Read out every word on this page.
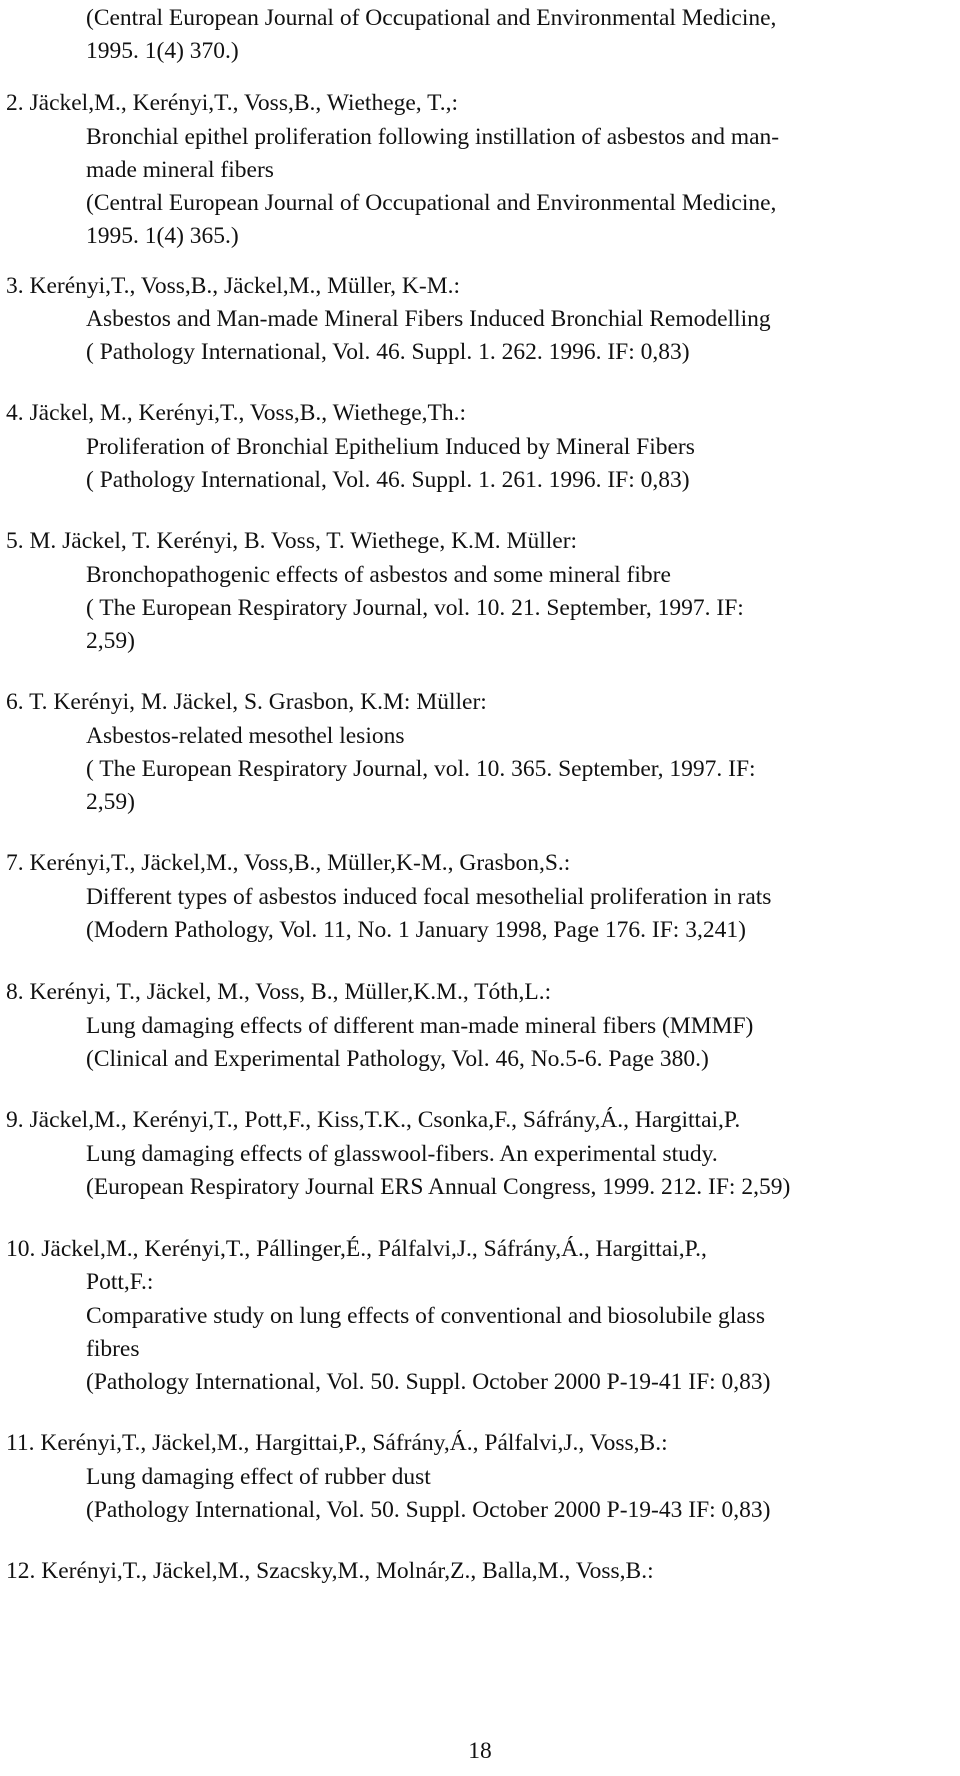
(Central European Journal of Occupational and Environmental Medicine,
1995. 1(4) 370.)
2. Jäckel,M., Kerényi,T., Voss,B., Wiethege, T.,:
Bronchial epithel proliferation following instillation of asbestos and man-
made mineral fibers
(Central European Journal of Occupational and Environmental Medicine,
1995. 1(4) 365.)
3. Kerényi,T., Voss,B., Jäckel,M., Müller, K-M.:
Asbestos and Man-made Mineral Fibers Induced Bronchial Remodelling
( Pathology International, Vol. 46. Suppl. 1. 262. 1996. IF: 0,83)
4. Jäckel, M., Kerényi,T., Voss,B., Wiethege,Th.:
Proliferation of Bronchial Epithelium Induced by Mineral Fibers
( Pathology International, Vol. 46. Suppl. 1. 261. 1996. IF: 0,83)
5. M. Jäckel, T. Kerényi, B. Voss, T. Wiethege, K.M. Müller:
Bronchopathogenic effects of asbestos and some mineral fibre
( The European Respiratory Journal, vol. 10. 21. September, 1997. IF:
2,59)
6. T. Kerényi, M. Jäckel, S. Grasbon, K.M: Müller:
Asbestos-related mesothel lesions
( The European Respiratory Journal, vol. 10. 365. September, 1997. IF:
2,59)
7. Kerényi,T., Jäckel,M., Voss,B., Müller,K-M., Grasbon,S.:
Different types of asbestos induced focal mesothelial proliferation in rats
(Modern Pathology, Vol. 11, No. 1 January 1998, Page 176. IF: 3,241)
8. Kerényi, T., Jäckel, M., Voss, B., Müller,K.M., Tóth,L.:
Lung damaging effects of different man-made mineral fibers (MMMF)
(Clinical and Experimental Pathology, Vol. 46, No.5-6. Page 380.)
9. Jäckel,M., Kerényi,T., Pott,F., Kiss,T.K., Csonka,F., Sáfrány,Á., Hargittai,P.
Lung damaging effects of glasswool-fibers. An experimental study.
(European Respiratory Journal ERS Annual Congress, 1999. 212. IF: 2,59)
10. Jäckel,M., Kerényi,T., Pállinger,É., Pálfalvi,J., Sáfrány,Á., Hargittai,P.,
Pott,F.:
Comparative study on lung effects of conventional and biosolubile glass
fibres
(Pathology International, Vol. 50. Suppl. October 2000 P-19-41 IF: 0,83)
11. Kerényi,T., Jäckel,M., Hargittai,P., Sáfrány,Á., Pálfalvi,J., Voss,B.:
Lung damaging effect of rubber dust
(Pathology International, Vol. 50. Suppl. October 2000 P-19-43 IF: 0,83)
12. Kerényi,T., Jäckel,M., Szacsky,M., Molnár,Z., Balla,M., Voss,B.:
18
